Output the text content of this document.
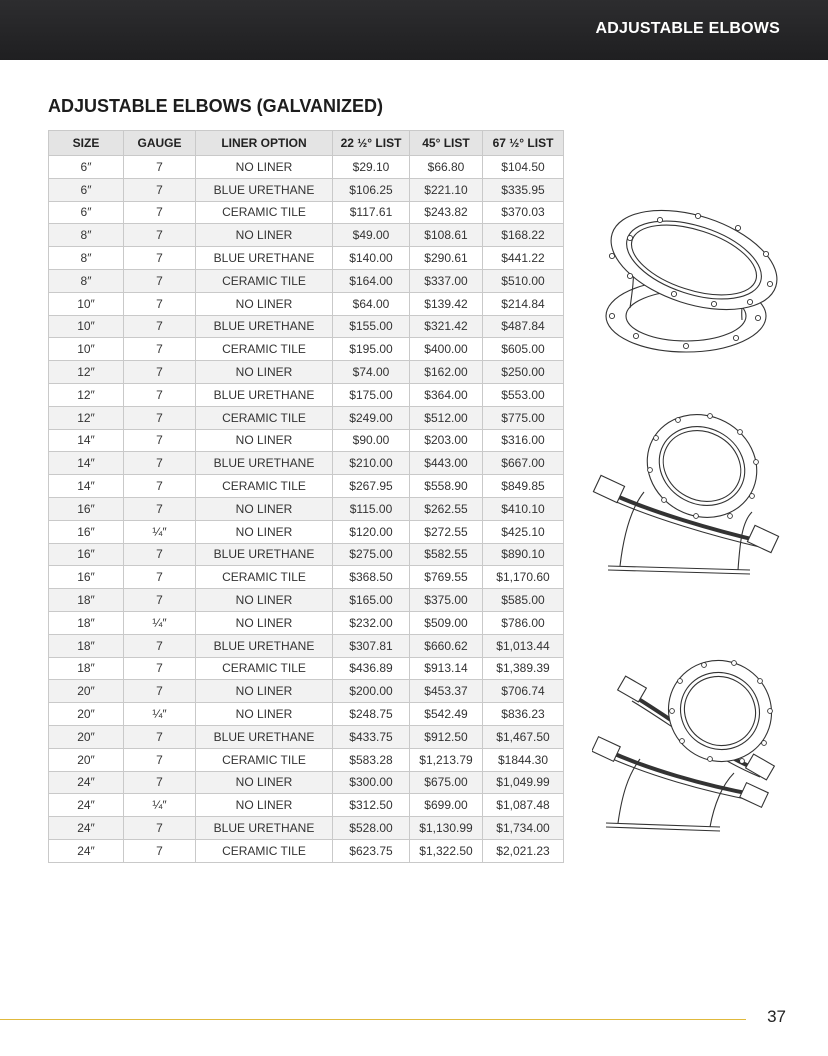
ADJUSTABLE ELBOWS
ADJUSTABLE ELBOWS (GALVANIZED)
SIZE	GAUGE	LINER OPTION	22 ½° LIST	45° LIST	67 ½° LIST
6″	7	NO LINER	$29.10	$66.80	$104.50
6″	7	BLUE URETHANE	$106.25	$221.10	$335.95
6″	7	CERAMIC TILE	$117.61	$243.82	$370.03
8″	7	NO LINER	$49.00	$108.61	$168.22
8″	7	BLUE URETHANE	$140.00	$290.61	$441.22
8″	7	CERAMIC TILE	$164.00	$337.00	$510.00
10″	7	NO LINER	$64.00	$139.42	$214.84
10″	7	BLUE URETHANE	$155.00	$321.42	$487.84
10″	7	CERAMIC TILE	$195.00	$400.00	$605.00
12″	7	NO LINER	$74.00	$162.00	$250.00
12″	7	BLUE URETHANE	$175.00	$364.00	$553.00
12″	7	CERAMIC TILE	$249.00	$512.00	$775.00
14″	7	NO LINER	$90.00	$203.00	$316.00
14″	7	BLUE URETHANE	$210.00	$443.00	$667.00
14″	7	CERAMIC TILE	$267.95	$558.90	$849.85
16″	7	NO LINER	$115.00	$262.55	$410.10
16″	¼″	NO LINER	$120.00	$272.55	$425.10
16″	7	BLUE URETHANE	$275.00	$582.55	$890.10
16″	7	CERAMIC TILE	$368.50	$769.55	$1,170.60
18″	7	NO LINER	$165.00	$375.00	$585.00
18″	¼″	NO LINER	$232.00	$509.00	$786.00
18″	7	BLUE URETHANE	$307.81	$660.62	$1,013.44
18″	7	CERAMIC TILE	$436.89	$913.14	$1,389.39
20″	7	NO LINER	$200.00	$453.37	$706.74
20″	¼″	NO LINER	$248.75	$542.49	$836.23
20″	7	BLUE URETHANE	$433.75	$912.50	$1,467.50
20″	7	CERAMIC TILE	$583.28	$1,213.79	$1844.30
24″	7	NO LINER	$300.00	$675.00	$1,049.99
24″	¼″	NO LINER	$312.50	$699.00	$1,087.48
24″	7	BLUE URETHANE	$528.00	$1,130.99	$1,734.00
24″	7	CERAMIC TILE	$623.75	$1,322.50	$2,021.23
37
